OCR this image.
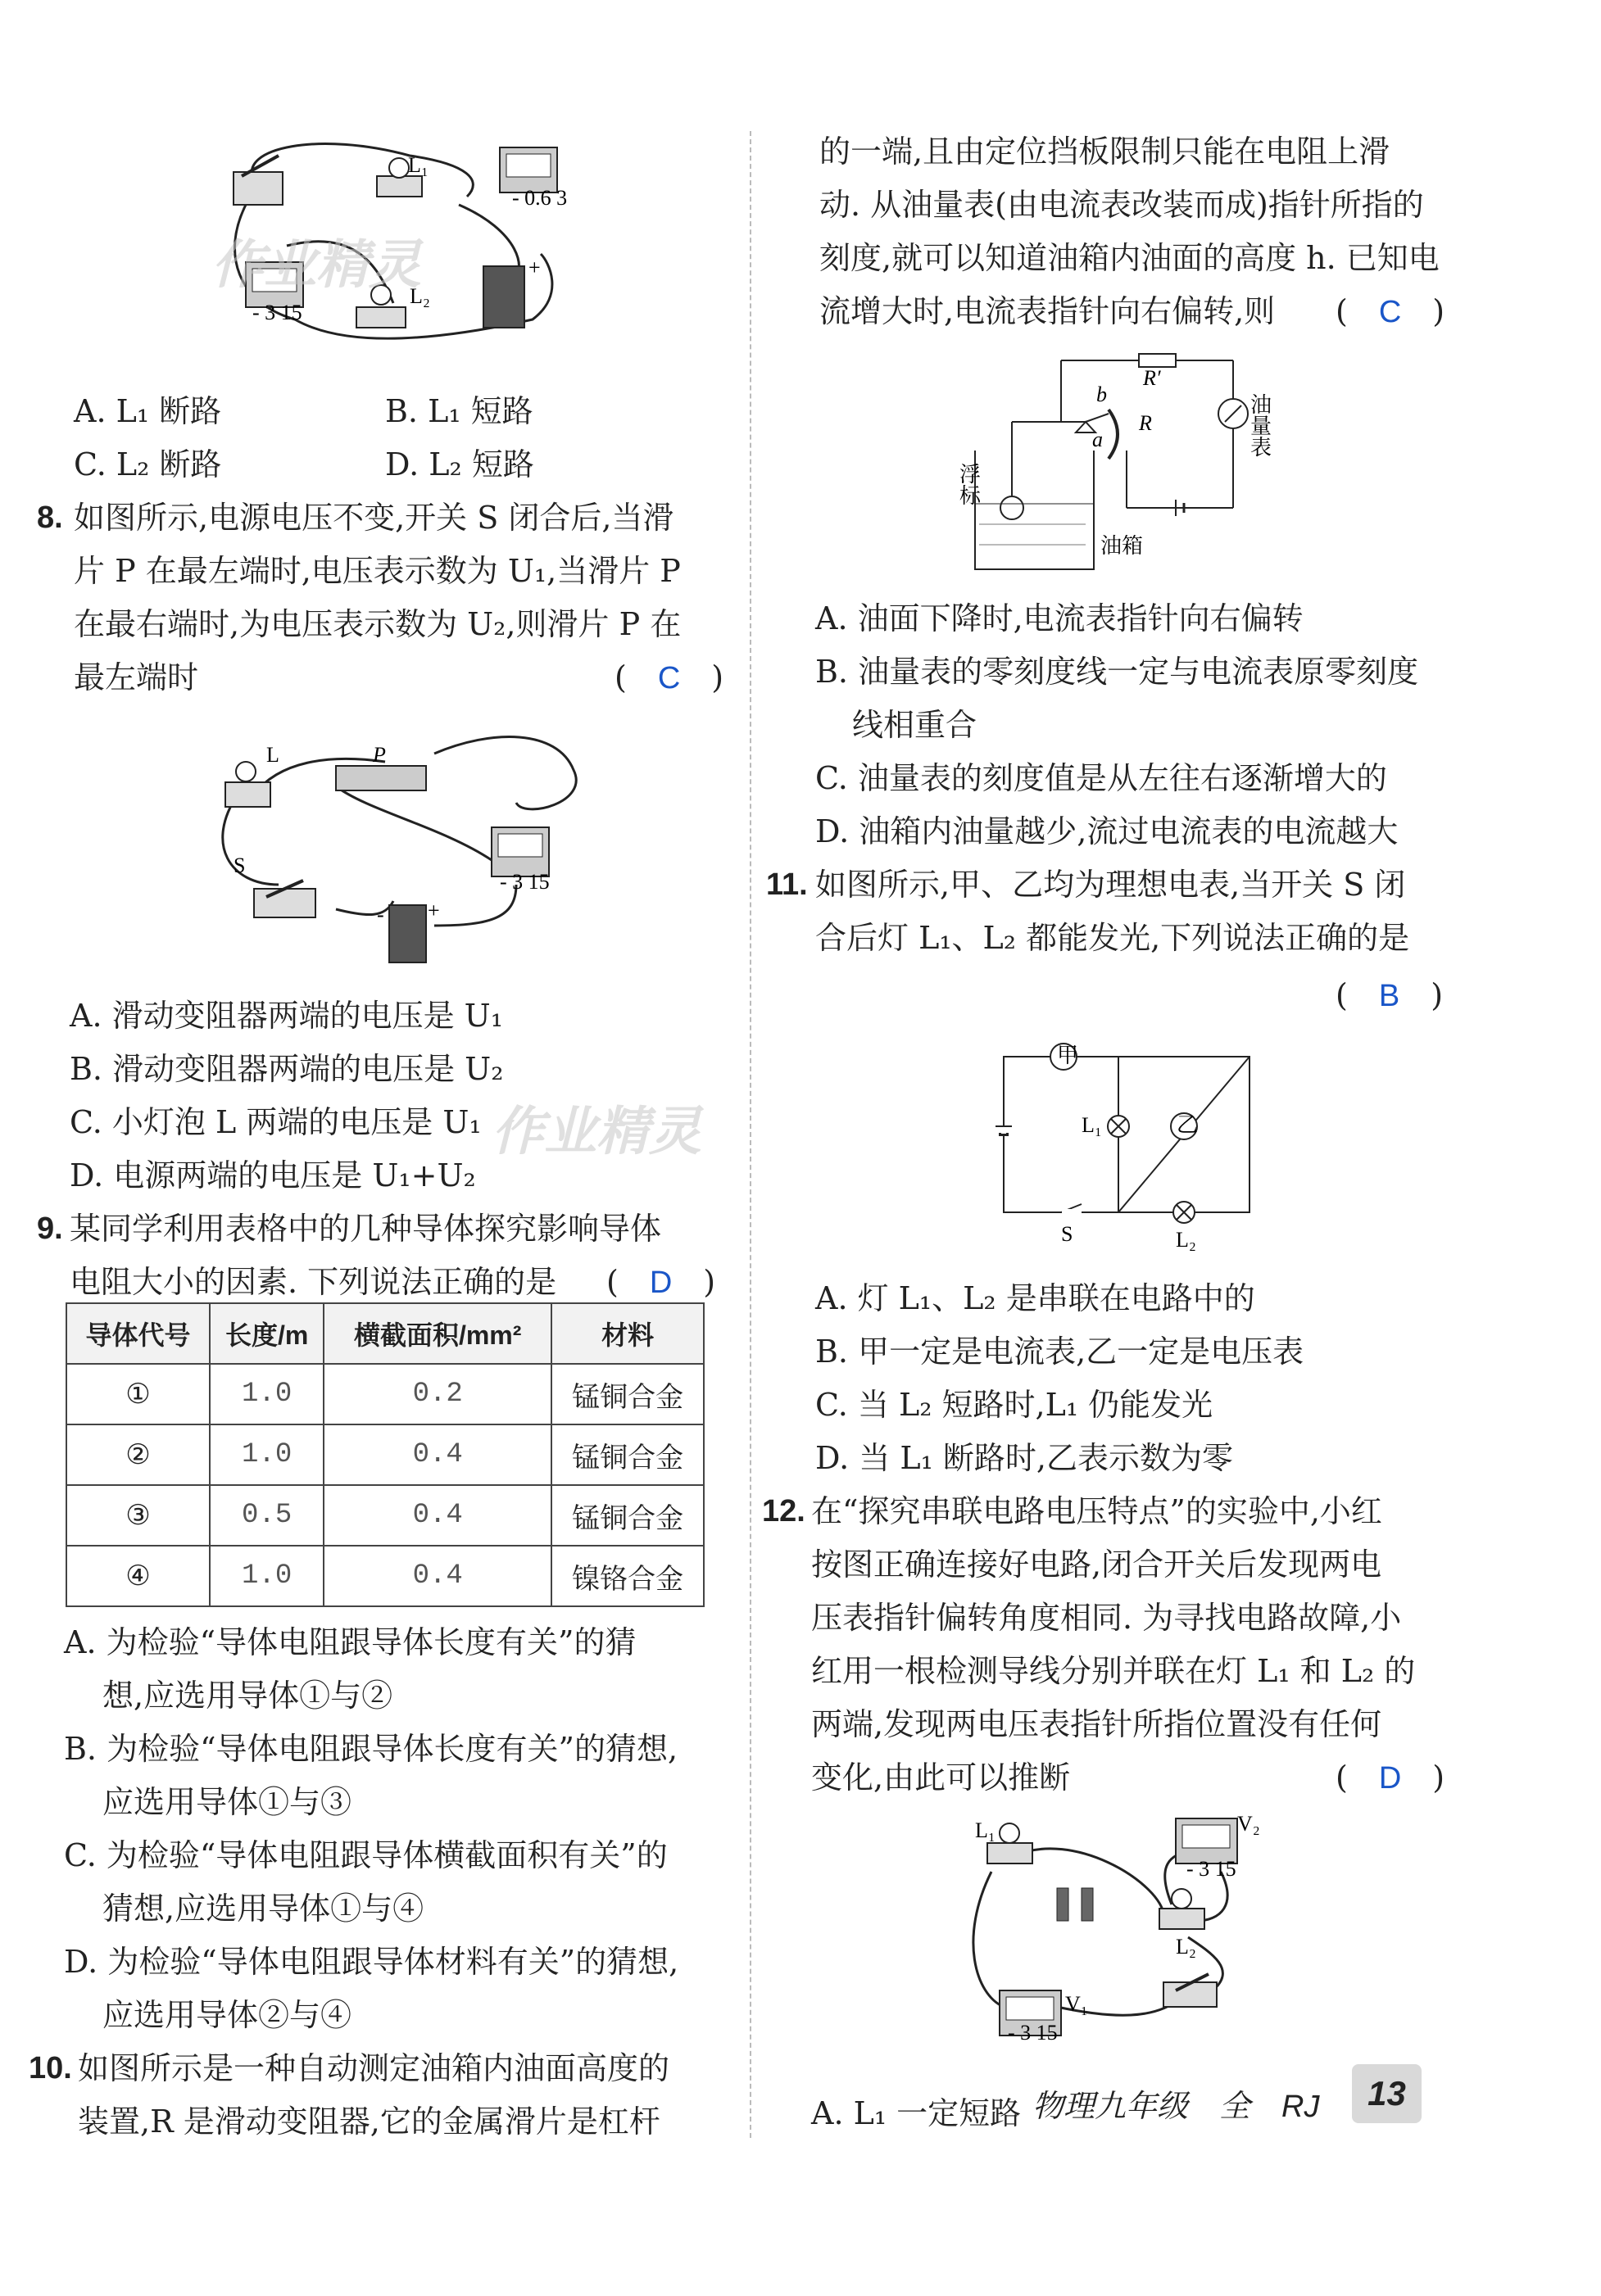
L₁
L₂
- 0.6 3
- 3 15
+
作业精灵
A. L₁ 断路	B. L₁ 短路
C. L₂ 断路	D. L₂ 短路
8. 如图所示,电源电压不变,开关 S 闭合后,当滑
片 P 在最左端时,电压表示数为 U₁,当滑片 P
在最右端时,为电压表示数为 U₂,则滑片 P 在
最左端时	(　C　)
L	P
S
- 3 15
- +
A. 滑动变阻器两端的电压是 U₁
B. 滑动变阻器两端的电压是 U₂
C. 小灯泡 L 两端的电压是 U₁
D. 电源两端的电压是 U₁+U₂
作业精灵
9. 某同学利用表格中的几种导体探究影响导体
电阻大小的因素. 下列说法正确的是 (　D　)
导体代号	长度/m	横截面积/mm²	材料
①	1.0	0.2	锰铜合金
②	1.0	0.4	锰铜合金
③	0.5	0.4	锰铜合金
④	1.0	0.4	镍铬合金
A. 为检验“导体电阻跟导体长度有关”的猜
想,应选用导体①与②
B. 为检验“导体电阻跟导体长度有关”的猜想,
应选用导体①与③
C. 为检验“导体电阻跟导体横截面积有关”的
猜想,应选用导体①与④
D. 为检验“导体电阻跟导体材料有关”的猜想,
应选用导体②与④
10. 如图所示是一种自动测定油箱内油面高度的
装置,R 是滑动变阻器,它的金属滑片是杠杆
的一端,且由定位挡板限制只能在电阻上滑
动. 从油量表(由电流表改装而成)指针所指的
刻度,就可以知道油箱内油面的高度 h. 已知电
流增大时,电流表指针向右偏转,则 (　C　)
R′
b
a
R	油量表
浮标
油箱
A. 油面下降时,电流表指针向右偏转
B. 油量表的零刻度线一定与电流表原零刻度
线相重合
C. 油量表的刻度值是从左往右逐渐增大的
D. 油箱内油量越少,流过电流表的电流越大
11. 如图所示,甲、乙均为理想电表,当开关 S 闭
合后灯 L₁、L₂ 都能发光,下列说法正确的是
(　B　)
甲
乙
L₁
L₂
S
A. 灯 L₁、L₂ 是串联在电路中的
B. 甲一定是电流表,乙一定是电压表
C. 当 L₂ 短路时,L₁ 仍能发光
D. 当 L₁ 断路时,乙表示数为零
12. 在“探究串联电路电压特点”的实验中,小红
按图正确连接好电路,闭合开关后发现两电
压表指针偏转角度相同. 为寻找电路故障,小
红用一根检测导线分别并联在灯 L₁ 和 L₂ 的
两端,发现两电压表指针所指位置没有任何
变化,由此可以推断	(　D　)
L₁
L₂
V₁
V₂
- 3 15
- 3 15
A. L₁ 一定短路 物理九年级　全　RJ	13
